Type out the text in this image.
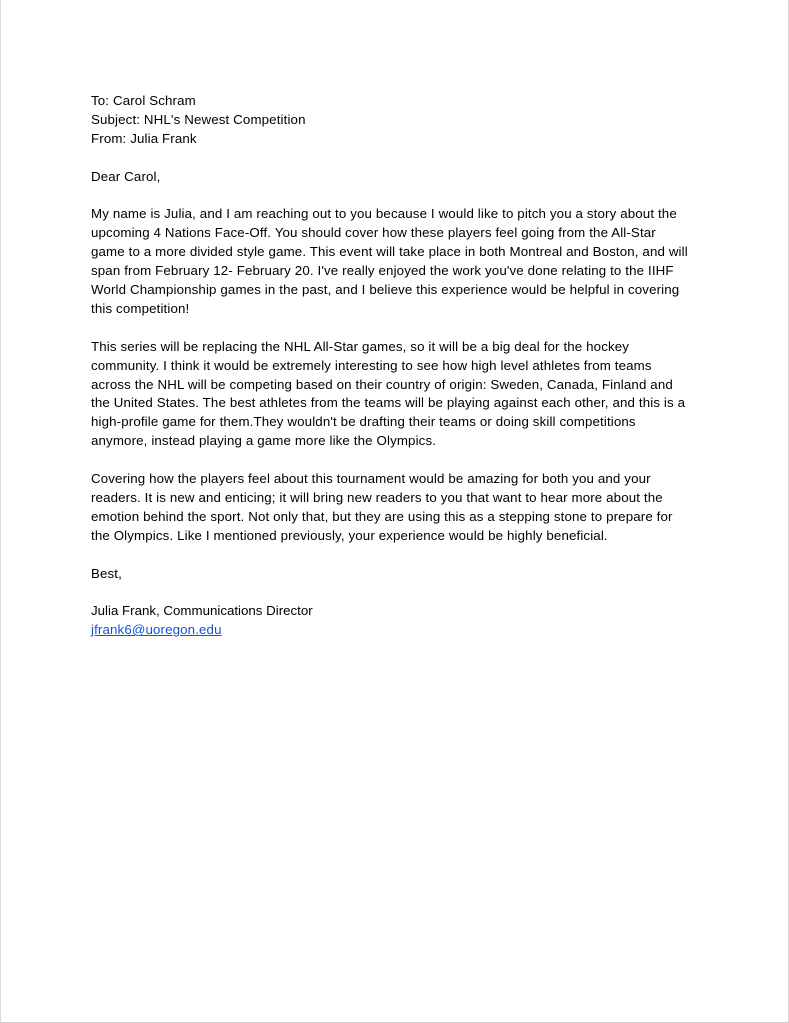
To: Carol Schram
Subject: NHL's Newest Competition
From: Julia Frank
Dear Carol,

My name is Julia, and I am reaching out to you because I would like to pitch you a story about the upcoming 4 Nations Face-Off. You should cover how these players feel going from the All-Star game to a more divided style game. This event will take place in both Montreal and Boston, and will span from February 12- February 20. I've really enjoyed the work you've done relating to the IIHF World Championship games in the past, and I believe this experience would be helpful in covering this competition!

This series will be replacing the NHL All-Star games, so it will be a big deal for the hockey community. I think it would be extremely interesting to see how high level athletes from teams across the NHL will be competing based on their country of origin: Sweden, Canada, Finland and the United States. The best athletes from the teams will be playing against each other, and this is a high-profile game for them.They wouldn't be drafting their teams or doing skill competitions anymore, instead playing a game more like the Olympics.

Covering how the players feel about this tournament would be amazing for both you and your readers. It is new and enticing; it will bring new readers to you that want to hear more about the emotion behind the sport. Not only that, but they are using this as a stepping stone to prepare for the Olympics. Like I mentioned previously, your experience would be highly beneficial.

Best,
Julia Frank, Communications Director
jfrank6@uoregon.edu
